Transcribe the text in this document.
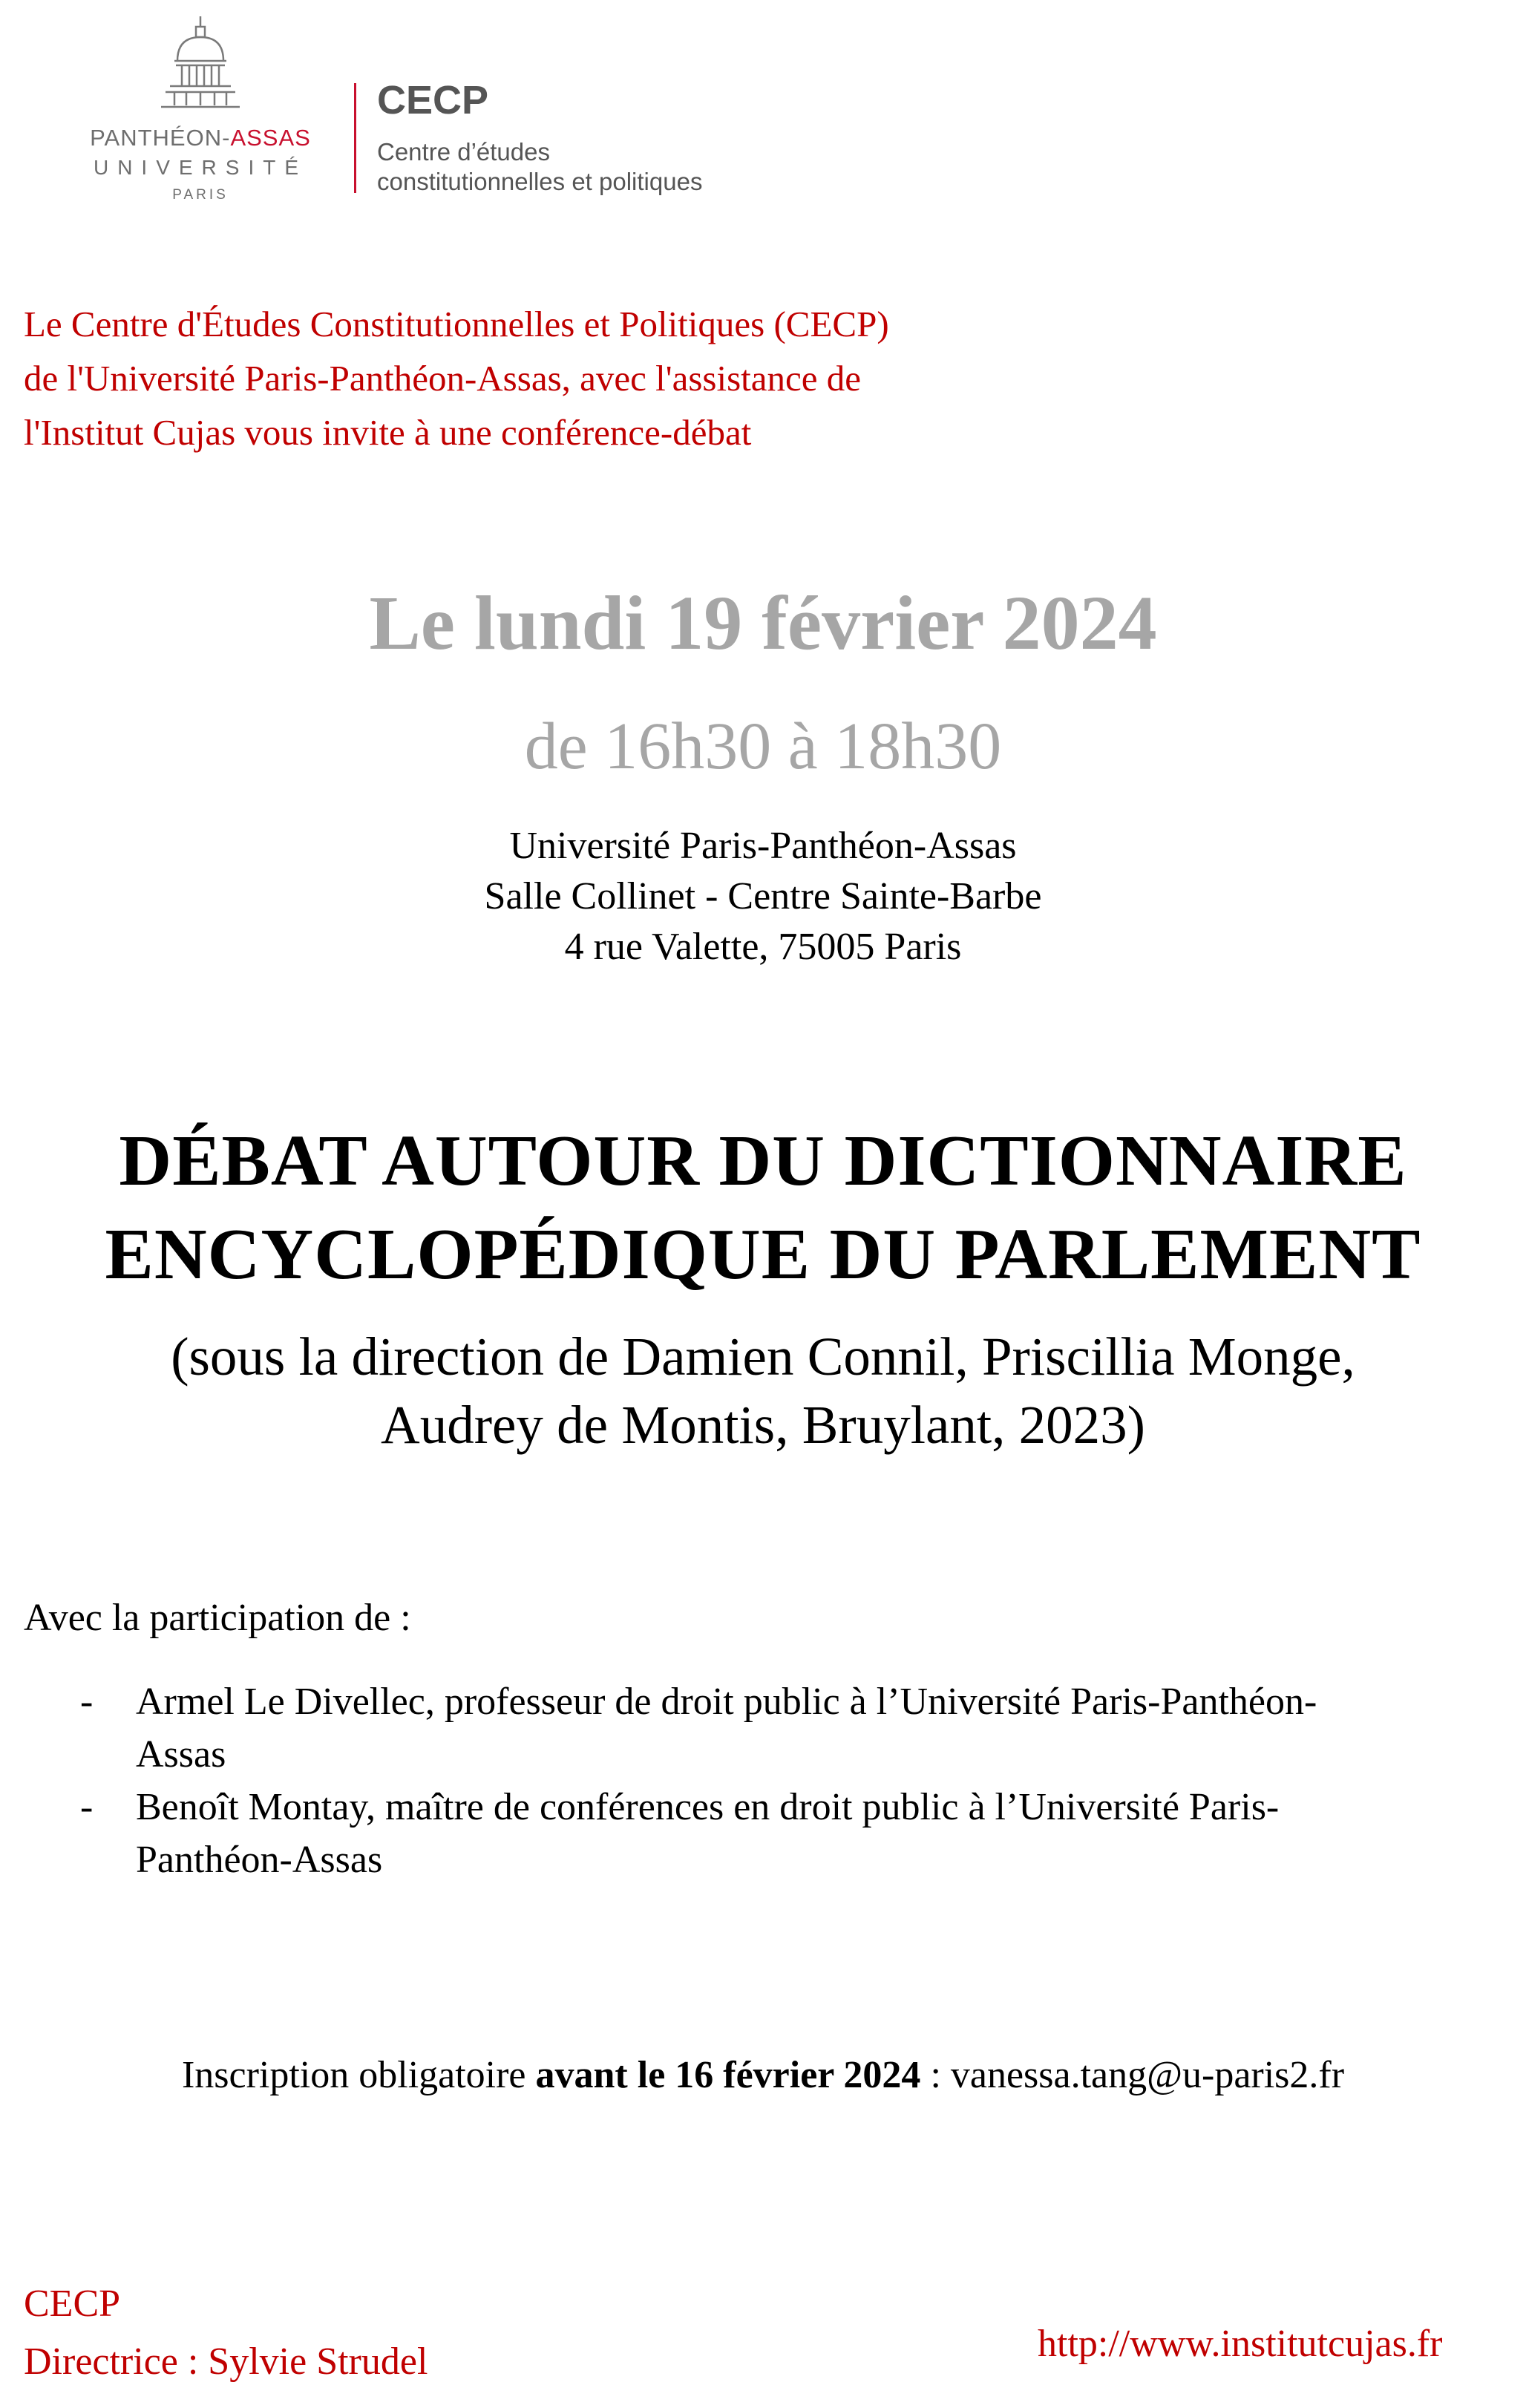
PANTHÉON-ASSAS
UNIVERSITÉ
PARIS
CECP
Centre d’études
constitutionnelles et politiques
Le Centre d'Études Constitutionnelles et Politiques (CECP)
de l'Université Paris-Panthéon-Assas, avec l'assistance de
l'Institut Cujas vous invite à une conférence-débat
Le lundi 19 février 2024
de 16h30 à 18h30
Université Paris-Panthéon-Assas
Salle Collinet - Centre Sainte-Barbe
4 rue Valette, 75005 Paris
DÉBAT AUTOUR DU DICTIONNAIRE
ENCYCLOPÉDIQUE DU PARLEMENT
(sous la direction de Damien Connil, Priscillia Monge,
Audrey de Montis, Bruylant, 2023)
Avec la participation de :
- Armel Le Divellec, professeur de droit public à l’Université Paris-Panthéon-
Assas
- Benoît Montay, maître de conférences en droit public à l’Université Paris-
Panthéon-Assas
Inscription obligatoire avant le 16 février 2024 : vanessa.tang@u-paris2.fr
CECP
Directrice : Sylvie Strudel	http://www.institutcujas.fr
